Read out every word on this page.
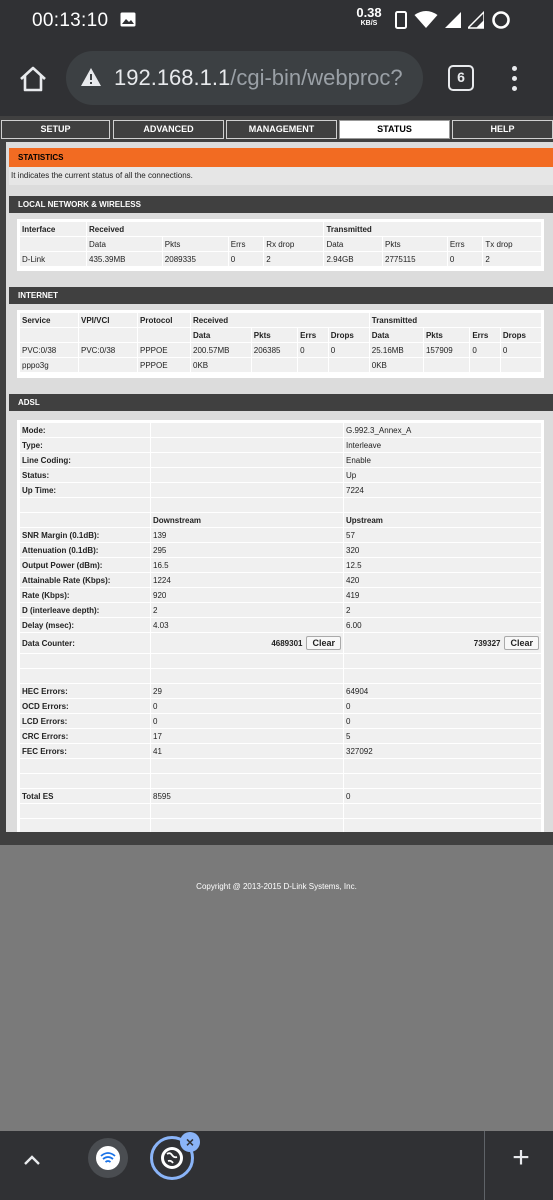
00:13:10	0.38
KB/S
192.168.1.1/cgi-bin/webproc?	6
SETUP	ADVANCED	MANAGEMENT	STATUS	HELP
STATISTICS
It indicates the current status of all the connections.
LOCAL NETWORK & WIRELESS
Interface	Received				Transmitted			
	Data	Pkts	Errs	Rx drop	Data	Pkts	Errs	Tx drop
D-Link	435.39MB	2089335	0	2	2.94GB	2775115	0	2
INTERNET
Service	VPI/VCI	Protocol	Received				Transmitted			
			Data	Pkts	Errs	Drops	Data	Pkts	Errs	Drops
PVC:0/38	PVC:0/38	PPPOE	200.57MB	206385	0	0	25.16MB	157909	0	0
pppo3g		PPPOE	0KB				0KB			
ADSL
Mode:		G.992.3_Annex_A
Type:		Interleave
Line Coding:		Enable
Status:		Up
Up Time:		7224

	Downstream	Upstream
SNR Margin (0.1dB):	139	57
Attenuation (0.1dB):	295	320
Output Power (dBm):	16.5	12.5
Attainable Rate (Kbps):	1224	420
Rate (Kbps):	920	419
D (interleave depth):	2	2
Delay (msec):	4.03	6.00
Data Counter:	4689301 Clear	739327 Clear

HEC Errors:	29	64904
OCD Errors:	0	0
LCD Errors:	0	0
CRC Errors:	17	5
FEC Errors:	41	327092

Total ES	8595	0

Copyright @ 2013-2015 D-Link Systems, Inc.
×	+
